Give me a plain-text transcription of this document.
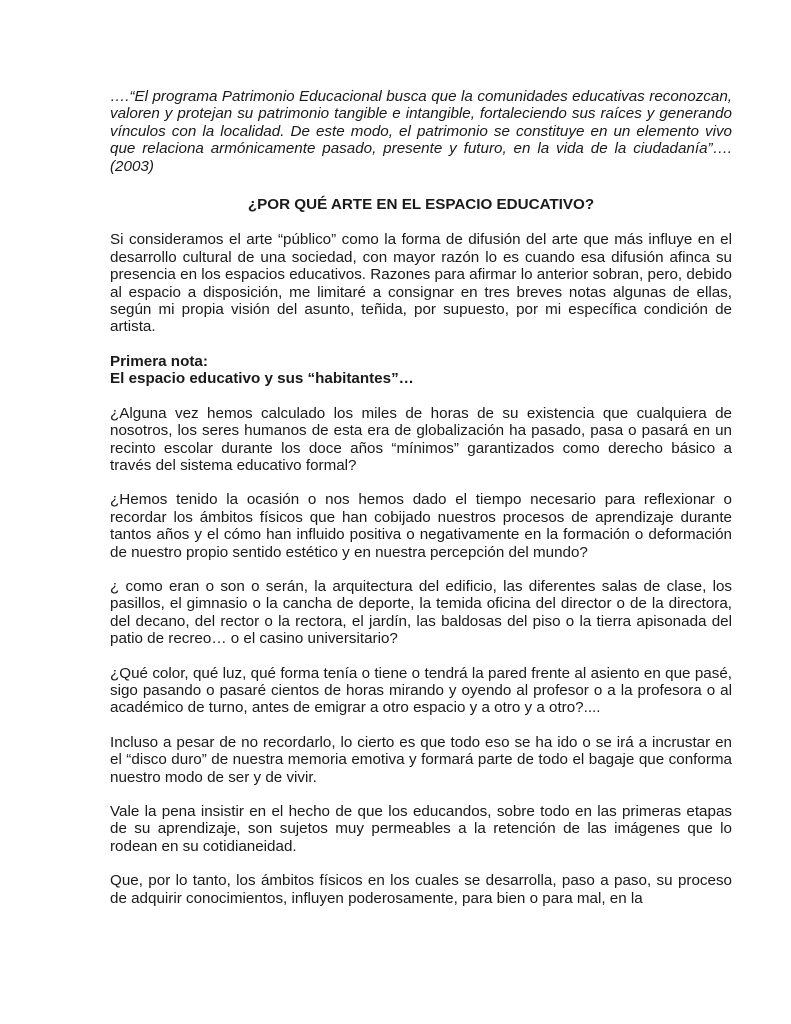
….“El programa Patrimonio Educacional busca que la comunidades educativas reconozcan, valoren y protejan su patrimonio tangible e intangible, fortaleciendo sus raíces y generando vínculos con la localidad. De este modo, el patrimonio se constituye en un elemento vivo que relaciona armónicamente pasado, presente y futuro, en la vida de la ciudadanía”…. (2003)

¿POR QUÉ ARTE EN EL ESPACIO EDUCATIVO?

Si consideramos el arte “público” como la forma de difusión del arte que más influye en el desarrollo cultural de una sociedad, con mayor razón lo es cuando esa difusión afinca su presencia en los espacios educativos. Razones para afirmar lo anterior sobran, pero, debido al espacio a disposición, me limitaré a consignar en tres breves notas algunas de ellas, según mi propia visión del asunto, teñida, por supuesto, por mi específica condición de artista.

Primera nota:

El espacio educativo y sus “habitantes”…

¿Alguna vez hemos calculado los miles de horas de su existencia que cualquiera de nosotros, los seres humanos de esta era de globalización ha pasado, pasa o pasará en un recinto escolar durante los doce años “mínimos” garantizados como derecho básico a través del sistema educativo formal?

¿Hemos tenido la ocasión o nos hemos dado el tiempo necesario para reflexionar o recordar los ámbitos físicos que han cobijado nuestros procesos de aprendizaje durante tantos años y el cómo han influido positiva o negativamente en la formación o deformación de nuestro propio sentido estético y en nuestra percepción del mundo?

¿ como eran o son o serán, la arquitectura del edificio, las diferentes salas de clase, los pasillos, el gimnasio o la cancha de deporte, la temida oficina del director o de la directora, del decano, del rector o la rectora, el jardín, las baldosas del piso o la tierra apisonada del patio de recreo… o el casino universitario?

¿Qué color, qué luz, qué forma tenía o tiene o tendrá la pared frente al asiento en que pasé, sigo pasando o pasaré cientos de horas mirando y oyendo al profesor o a la profesora o al académico de turno, antes de emigrar a otro espacio y a otro y a otro?....

Incluso a pesar de no recordarlo, lo cierto es que todo eso se ha ido o se irá a incrustar en el “disco duro” de nuestra memoria emotiva y formará parte de todo el bagaje que conforma nuestro modo de ser y de vivir.

Vale la pena insistir en el hecho de que los educandos, sobre todo en las primeras etapas de su aprendizaje, son sujetos muy permeables a la retención de las imágenes que lo rodean en su cotidianeidad.

Que, por lo tanto, los ámbitos físicos en los cuales se desarrolla, paso a paso, su proceso de adquirir conocimientos, influyen poderosamente, para bien o para mal, en la
